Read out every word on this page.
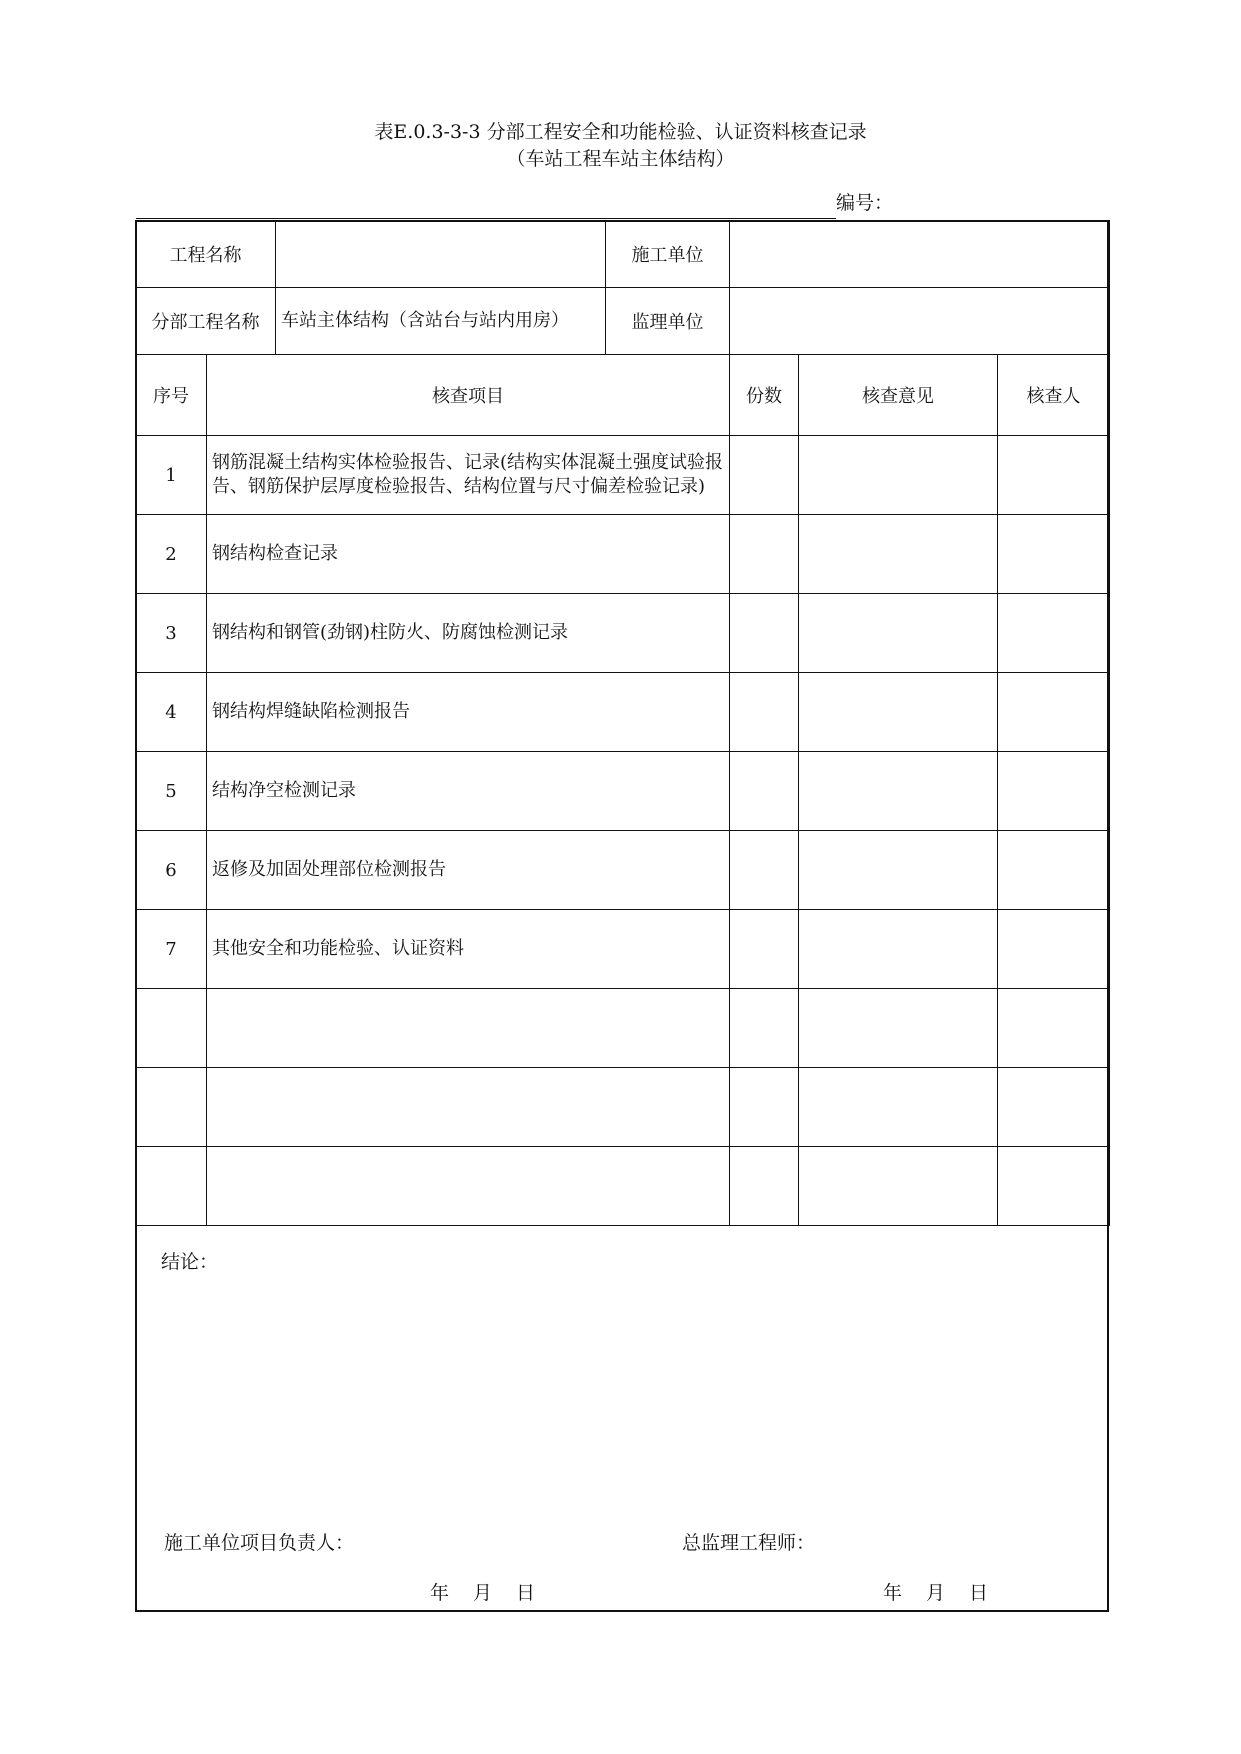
表E.0.3-3-3 分部工程安全和功能检验、认证资料核查记录
（车站工程车站主体结构）
编号：
工程名称			施工单位			
分部工程名称		车站主体结构（含站台与站内用房）	监理单位			
序号	核查项目			份数	核查意见	核查人
1	钢筋混凝土结构实体检验报告、记录(结构实体混凝土强度试验报告、钢筋保护层厚度检验报告、结构位置与尺寸偏差检验记录)					
2	钢结构检查记录					
3	钢结构和钢管(劲钢)柱防火、防腐蚀检测记录					
4	钢结构焊缝缺陷检测报告					
5	结构净空检测记录					
6	返修及加固处理部位检测报告					
7	其他安全和功能检验、认证资料					

结论：
施工单位项目负责人：	总监理工程师：
年 月 日	年 月 日
